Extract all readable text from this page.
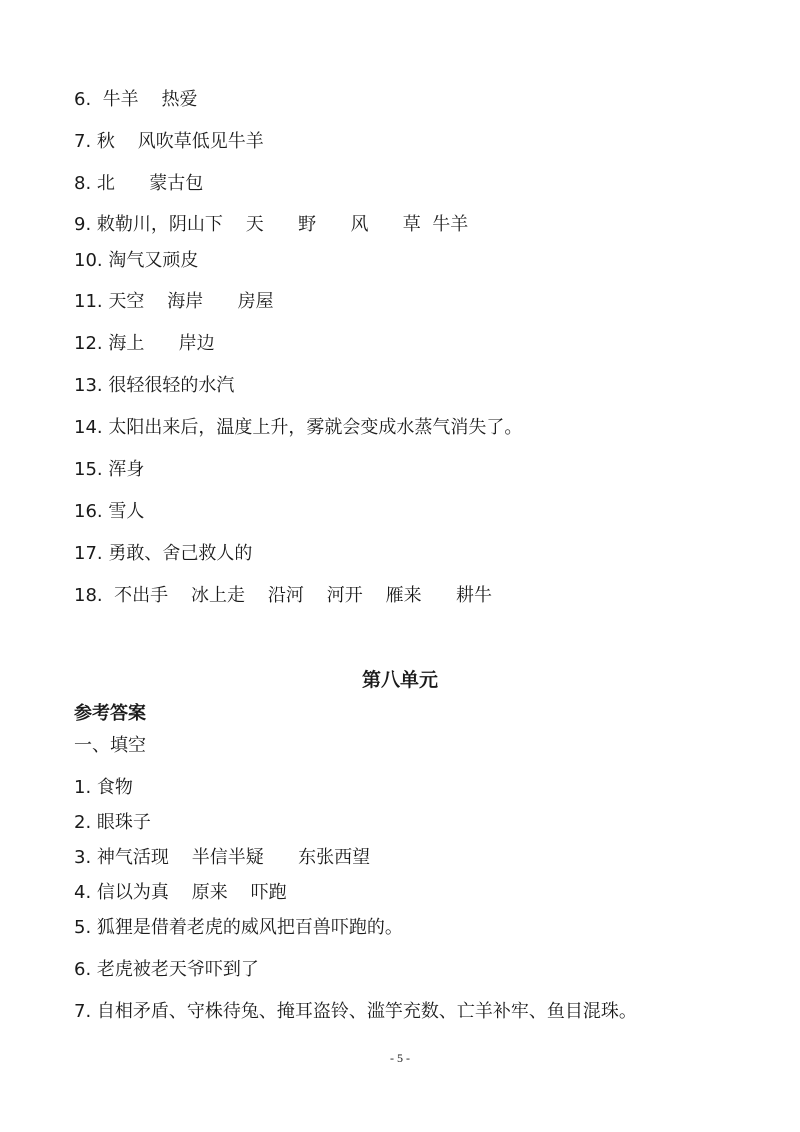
6.  牛羊    热爱
7. 秋    风吹草低见牛羊
8. 北      蒙古包
9. 敕勒川，阴山下    天      野      风      草  牛羊
10. 淘气又顽皮
11. 天空    海岸      房屋
12. 海上      岸边
13. 很轻很轻的水汽
14. 太阳出来后，温度上升，雾就会变成水蒸气消失了。
15. 浑身
16. 雪人
17. 勇敢、舍己救人的
18.  不出手    冰上走    沿河    河开    雁来      耕牛
第八单元
参考答案
一、填空
1. 食物
2. 眼珠子
3. 神气活现    半信半疑      东张西望
4. 信以为真    原来    吓跑
5. 狐狸是借着老虎的威风把百兽吓跑的。
6. 老虎被老天爷吓到了
7. 自相矛盾、守株待兔、掩耳盗铃、滥竽充数、亡羊补牢、鱼目混珠。
- 5 -
